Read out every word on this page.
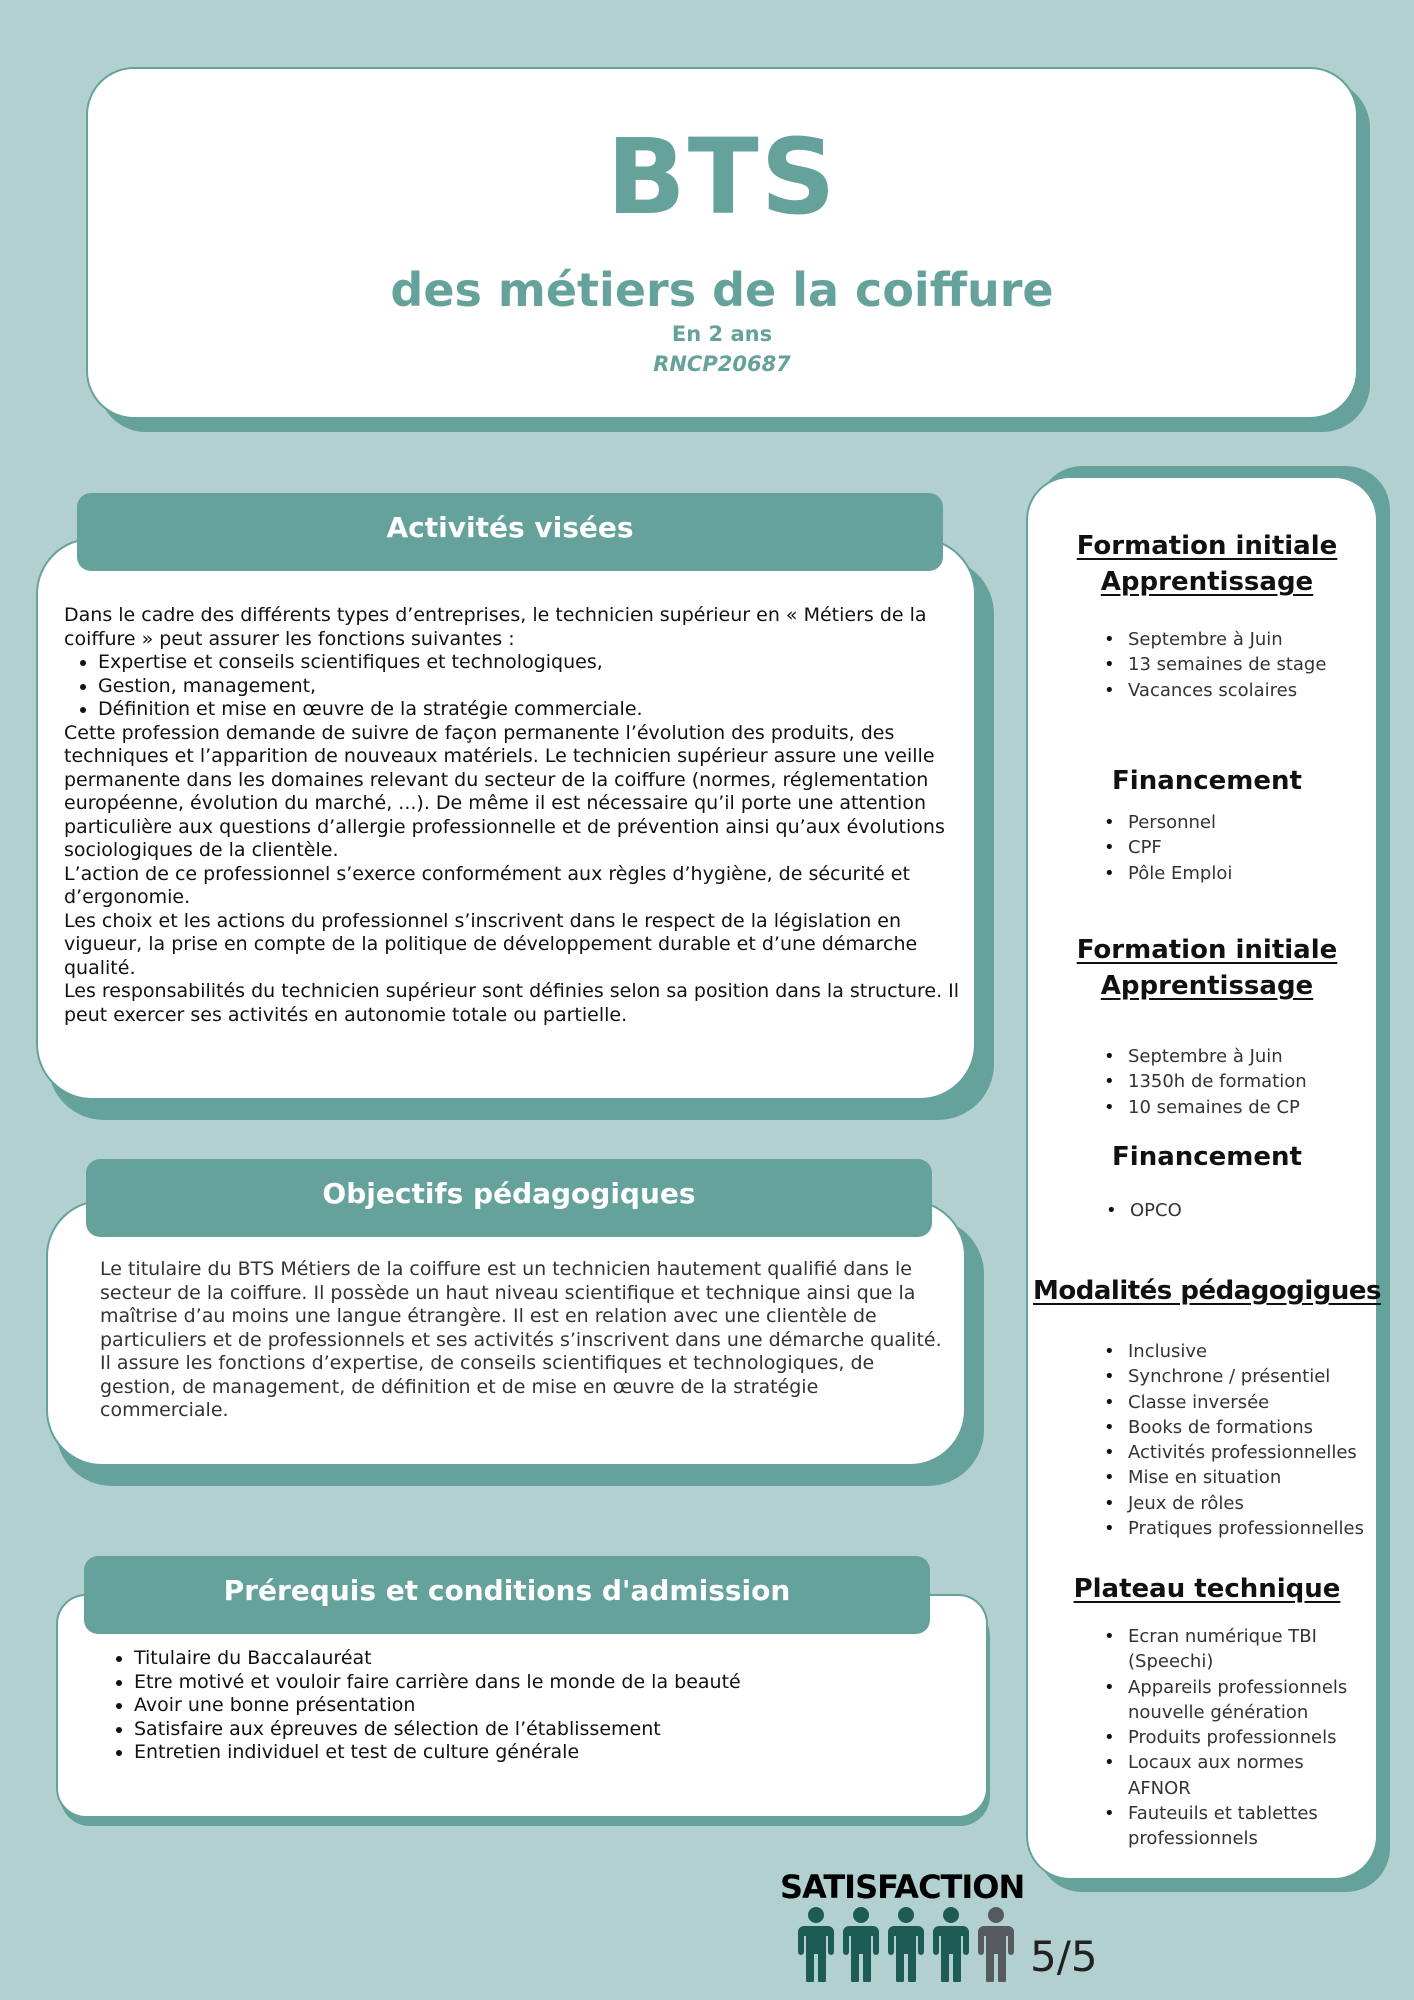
BTS
des métiers de la coiffure
En 2 ans
RNCP20687
Activités visées

Dans le cadre des différents types d’entreprises, le technicien supérieur en « Métiers de la coiffure » peut assurer les fonctions suivantes :

• Expertise et conseils scientifiques et technologiques,
• Gestion, management,
• Définition et mise en œuvre de la stratégie commerciale.

Cette profession demande de suivre de façon permanente l’évolution des produits, des techniques et l’apparition de nouveaux matériels. Le technicien supérieur assure une veille permanente dans les domaines relevant du secteur de la coiffure (normes, réglementation européenne, évolution du marché, ...). De même il est nécessaire qu’il porte une attention particulière aux questions d’allergie professionnelle et de prévention ainsi qu’aux évolutions sociologiques de la clientèle.

L’action de ce professionnel s’exerce conformément aux règles d’hygiène, de sécurité et d’ergonomie.

Les choix et les actions du professionnel s’inscrivent dans le respect de la législation en vigueur, la prise en compte de la politique de développement durable et d’une démarche qualité.

Les responsabilités du technicien supérieur sont définies selon sa position dans la structure. Il peut exercer ses activités en autonomie totale ou partielle.

Objectifs pédagogiques

Le titulaire du BTS Métiers de la coiffure est un technicien hautement qualifié dans le secteur de la coiffure. Il possède un haut niveau scientifique et technique ainsi que la maîtrise d’au moins une langue étrangère. Il est en relation avec une clientèle de particuliers et de professionnels et ses activités s’inscrivent dans une démarche qualité. Il assure les fonctions d’expertise, de conseils scientifiques et technologiques, de gestion, de management, de définition et de mise en œuvre de la stratégie commerciale.

Prérequis et conditions d'admission
• Titulaire du Baccalauréat
• Etre motivé et vouloir faire carrière dans le monde de la beauté
• Avoir une bonne présentation
• Satisfaire aux épreuves de sélection de l’établissement
• Entretien individuel et test de culture générale
Formation initiale
Apprentissage
• Septembre à Juin
• 13 semaines de stage
• Vacances scolaires
Financement
• Personnel
• CPF
• Pôle Emploi
Formation initiale
Apprentissage
• Septembre à Juin
• 1350h de formation
• 10 semaines de CP
Financement
• OPCO
Modalités pédagogigues
• Inclusive
• Synchrone / présentiel
• Classe inversée
• Books de formations
• Activités professionnelles
• Mise en situation
• Jeux de rôles
• Pratiques professionnelles
Plateau technique
• Ecran numérique TBI (Speechi)
• Appareils professionnels nouvelle génération
• Produits professionnels
• Locaux aux normes AFNOR
• Fauteuils et tablettes professionnels
SATISFACTION
5/5
